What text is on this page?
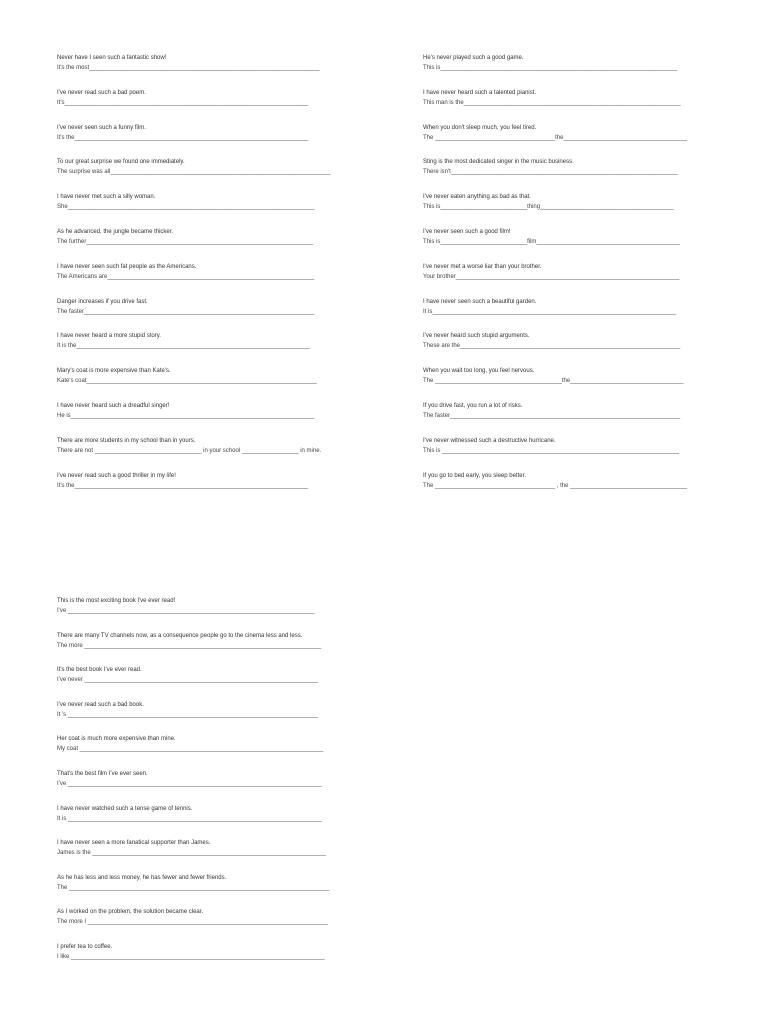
Never have I seen such a fantastic show!
It's the most_____________________________________________________________________
I've never read such a bad poem.
It's_________________________________________________________________________
I've never seen such a funny film.
It's the______________________________________________________________________
To our great surprise we found one immediately.
The surprise was all__________________________________________________________________
I have never met such a silly woman.
She__________________________________________________________________________
As he advanced, the jungle became thicker.
The further____________________________________________________________________
I have never seen such fat people as the Americans.
The Americans are______________________________________________________________
Danger increases if you drive fast.
The faster_____________________________________________________________________
I have never heard a more stupid story.
It is the______________________________________________________________________
Mary's coat is more expensive than Kate's.
Kate's coat_____________________________________________________________________
I have never heard such a dreadful singer!
He is_________________________________________________________________________
There are more students in my school than in yours.
There are not ________________________________ in your school _________________ in mine.
I've never read such a good thriller in my life!
It's the______________________________________________________________________
He's never played such a good game.
This is_______________________________________________________________________
I have never heard such a talented pianist.
This man is the_________________________________________________________________
When you don't sleep much, you feel tired.
The ____________________________________the_____________________________________
Sting is the most dedicated singer in the music business.
There isn't____________________________________________________________________
I've never eaten anything as bad as that.
This is__________________________thing________________________________________
I've never seen such a good film!
This is__________________________film___________________________________________
I've never met a worse liar than your brother.
Your brother___________________________________________________________________
I have never seen such a beautiful garden.
It is_________________________________________________________________________
I've never heard such stupid arguments.
These are the__________________________________________________________________
When you wait too long, you feel nervous.
The ______________________________________the__________________________________
If you drive fast, you run a lot of risks.
The faster_____________________________________________________________________
I've never witnessed such a destructive hurricane.
This is _______________________________________________________________________
If you go to bed early, you sleep better.
The ____________________________________ , the ___________________________________
This is the most exciting book I've ever read!
I've __________________________________________________________________________
There are many TV channels now, as a consequence people go to the cinema less and less.
The more _______________________________________________________________________
It's the best book I've ever read.
I've never ______________________________________________________________________
I've never read such a bad book.
It 's ___________________________________________________________________________
Her coat is much more expensive than mine.
My coat _________________________________________________________________________
That's the best film I've ever seen.
I've ____________________________________________________________________________
I have never watched such a tense game of tennis.
It is ____________________________________________________________________________
I have never seen a more fanatical supporter than James.
James is the ______________________________________________________________________
As he has less and less money, he has fewer and fewer friends.
The ______________________________________________________________________________
As I worked on the problem, the solution became clear.
The more I ________________________________________________________________________
I prefer tea to coffee.
I like ____________________________________________________________________________
